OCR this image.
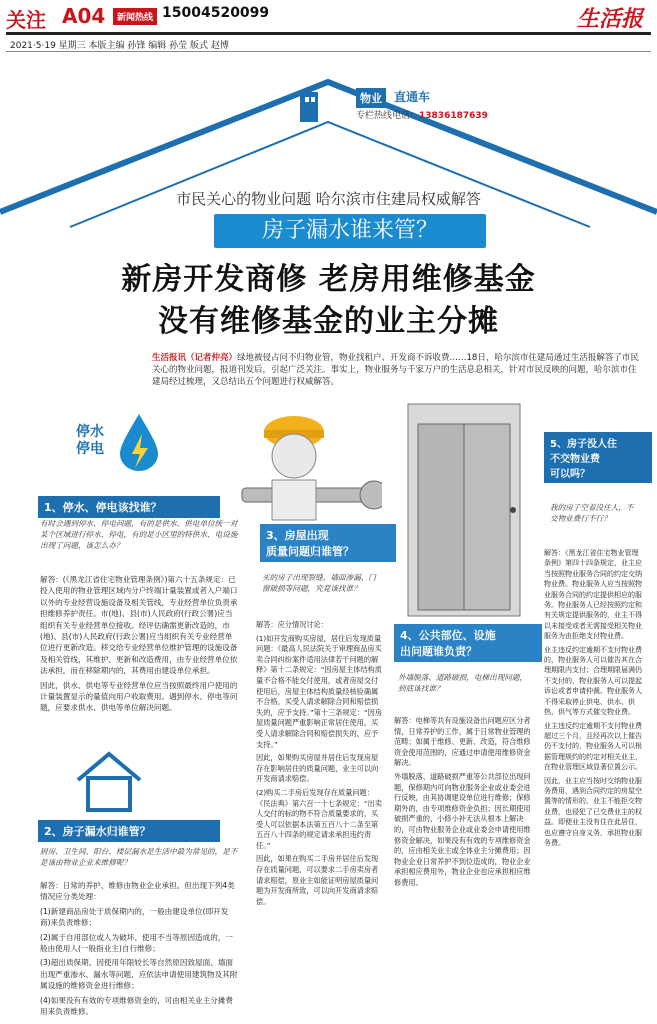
关注 A04	新闻热线 15004520099	生活报
2021·5·19 星期三 本版主编 孙锋 编辑 孙莹 版式 赵博
物业	直通车
专栏热线电话：13836187639
市民关心的物业问题 哈尔滨市住建局权威解答
房子漏水谁来管？
新房开发商修 老房用维修基金
没有维修基金的业主分摊
生活报讯（记者仲亮）绿地被侵占问不归物业管，物业找租户、开发商不诉收费……18日，哈尔滨市住建局通过生活报解答了市民关心的物业问题，报道刊发后，引起广泛关注。事实上，物业服务与千家万户的生活息息相关，针对市民反映的问题，哈尔滨市住建局经过梳理，又总结出五个问题进行权威解答。
停水
停电
1、停水、停电该找谁？
有时会遇到停水、停电问题，有的是供水、供电单位统一对某个区域进行停水、停电，有的是小区里的特供水、电设施出现了问题，该怎么办？

解答：(《黑龙江省住宅物业管理条例》)第六十五条规定：已投入使用的物业管理区域内分户终端计量装置或者入户端口以外的专业经营设施设备及相关管线，专业经营单位负责承担维修养护责任。市(地)、县(市)人民政府(行政公署)应当组织有关专业经营单位接收。经评估确需更新改造的，市(地)、县(市)人民政府(行政公署)应当组织有关专业经营单位进行更新改造。移交给专业经营单位维护管理的设施设备及相关管线，其维护、更新和改造费用，由专业经营单位依法承担，而在移除期内的，其费用由建设单位承担。

因此，供水、供电等专业经营单位应当按照最终用户使用的计量装置显示的量值向用户收取费用。遇到停水、停电等问题，应要求供水、供电等单位解决问题。

2、房子漏水归谁管？
厨房、卫生间、阳台、楼层漏水是生活中最为常见的，是不是该由物业企业来维修呢？

解答：日常的养护、维修由物业企业承担。但出现下列4类情况应分类处理：

(1)新建商品房处于质保期内的，一般由建设单位(即开发商)来负责维修；

(2)属于自用部位或人为破坏、使用不当等原因造成的，一般由使用人(一般指业主)自行维修；

(3)超出质保期、因使用年限较长等自然原因致屋面、墙面出现严重渗水、漏水等问题，应依法申请使用建筑物及其附属设施的维修资金进行维修；

(4)如果没有有效的专项维修资金的，可由相关业主分摊费用来负责维修。

3、房屋出现
质量问题归谁管？
买的房子出现裂缝、墙面渗漏、门窗破损等问题，究竟该找谁？

解答：应分情况讨论：

(1)如开发商购买房屋，居住后发现质量问题：《最高人民法院关于审理商品房买卖合同纠纷案件适用法律若干问题的解释》第十二条规定：“因房屋主体结构质量不合格不能交付使用，或者房屋交付使用后，房屋主体结构质量经核验确属不合格，买受人请求解除合同和赔偿损失的，应予支持。”第十三条规定：“因房屋质量问题严重影响正常居住使用，买受人请求解除合同和赔偿损失的，应予支持。”

因此，如果购买房屋并居住后发现房屋存在影响居住的质量问题，业主可以向开发商请求赔偿。

(2)购买二手房后发现存在质量问题：《民法典》第六百一十七条规定：“出卖人交付的标的物不符合质量要求的，买受人可以依据本法第五百八十二条至第五百八十四条的规定请求承担违约责任。”

因此，如果在购买二手房并居住后发现存在质量问题，可以要求二手房卖房者请求赔偿，原业主如能证明房屋质量问题为开发商所致，可以向开发商请求赔偿。

4、公共部位、设施
出问题谁负责？
外墙脱落、道路破损，电梯出现问题，到底该找谁？

解答：电梯等共有设施设备出问题应区分者情，日常养护的工作，属于日常物业管理的范畴；如属于维修、更新、改造，符合维修资金使用范围的，应通过申请使用维修资金解决。

外墙脱落、道路破损严重等公共部位出现问题，保修期内可向物业服务企业或业委会进行反映，由其协调建设单位进行维修；保修期外的，由专项维修资金负担；因长期使用破损严重的，小修小补无法从根本上解决的，可由物业服务企业或业委会申请使用维修资金解决，如果没有有效的专项维修资金的，应由相关业主或全体业主分摊费用；因物业企业日常养护不到位造成的，物业企业承担相应费用外，物业企业也应承担相应维修费用。

5、房子没人住
不交物业费
可以吗？
我的房子空着没住人，不交物业费行不行？

解答：《黑龙江省住宅物业管理条例》第四十四条规定，业主应当按照物业服务合同的约定交纳物业费。物业服务人应当按照物业服务合同的约定提供相应的服务。物业服务人已经按照约定和有关规定提供服务的，业主不得以未接受或者无需接受相关物业服务为由拒绝支付物业费。

业主违反约定逾期不支付物业费的，物业服务人可以催告其在合理期限内支付；合理期限届满仍不支付的，物业服务人可以提起诉讼或者申请仲裁。物业服务人不得采取停止供电、供水、供热、供气等方式催交物业费。

业主违反约定逾期不支付物业费超过三个月，且经再次以上催告仍不支付的，物业服务人可以根据管理规约的约定对相关业主，在物业管理区域显著位置公示。

因此，业主应当按时交纳物业服务费用，遇到合同约定的房屋空置等的情形的，业主不能拒交物业费，也侵犯了已交费业主的权益。即便业主没有住在此居住，也应遵守自身义务，承担物业服务费。
